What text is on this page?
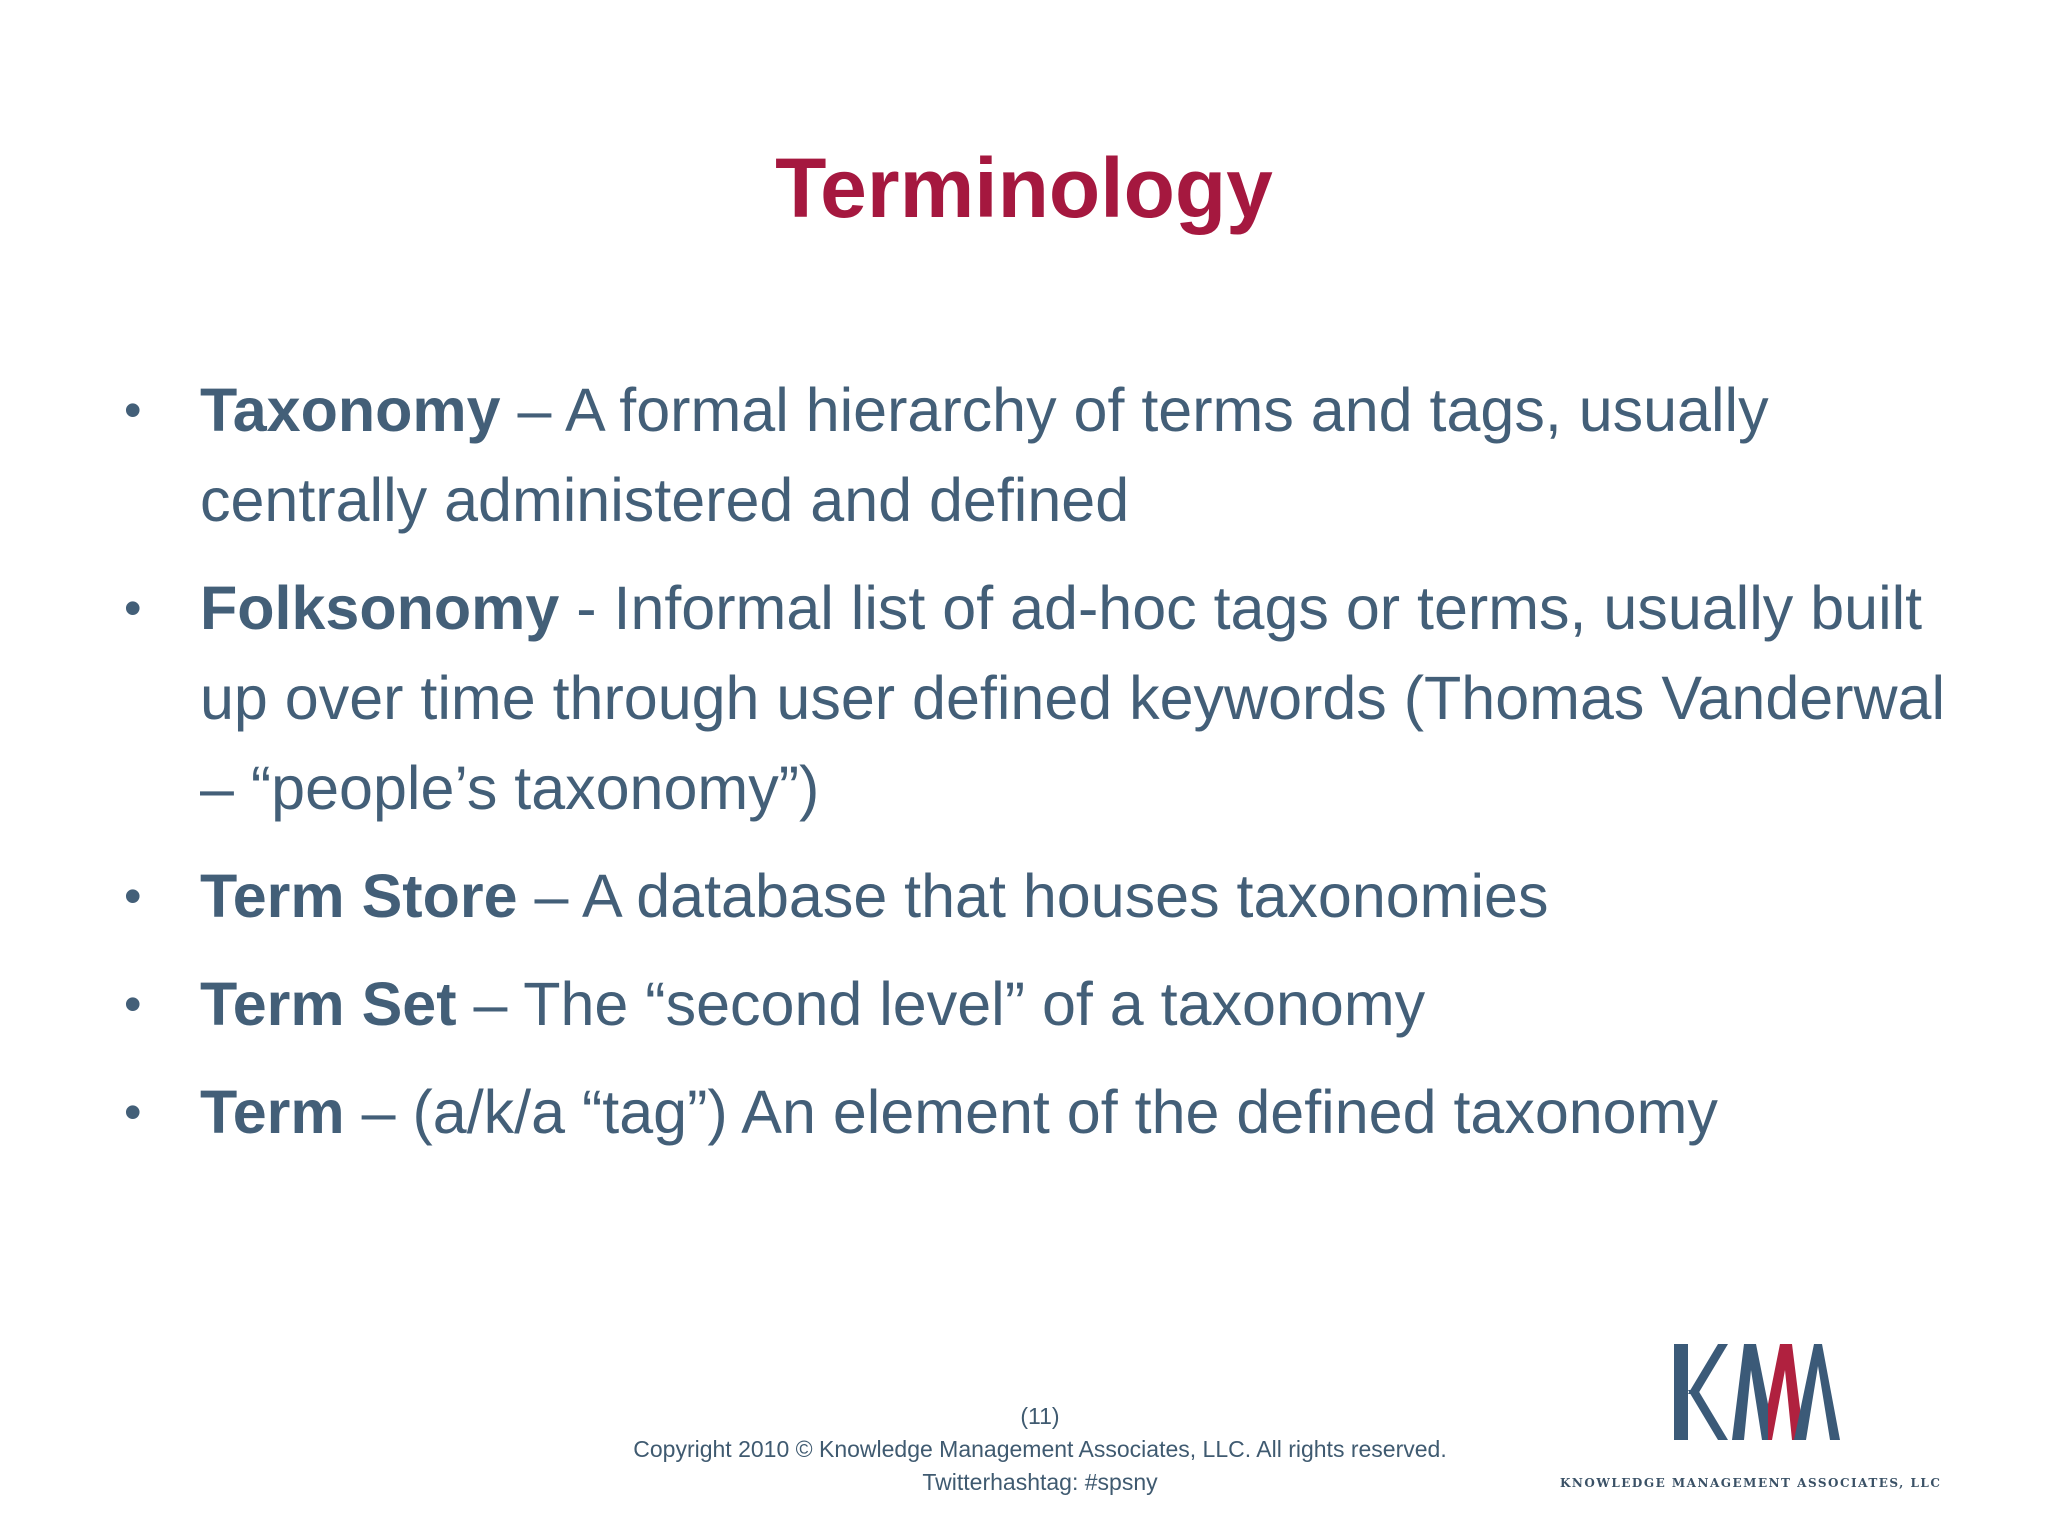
Terminology
• Taxonomy – A formal hierarchy of terms and tags, usually centrally administered and defined
• Folksonomy - Informal list of ad-hoc tags or terms, usually built up over time through user defined keywords (Thomas Vanderwal – “people’s taxonomy”)
• Term Store – A database that houses taxonomies
• Term Set – The “second level” of a taxonomy
• Term – (a/k/a “tag”) An element of the defined taxonomy
(11)
Copyright 2010 © Knowledge Management Associates, LLC. All rights reserved.
Twitterhashtag: #spsny	KNOWLEDGE MANAGEMENT ASSOCIATES, LLC
